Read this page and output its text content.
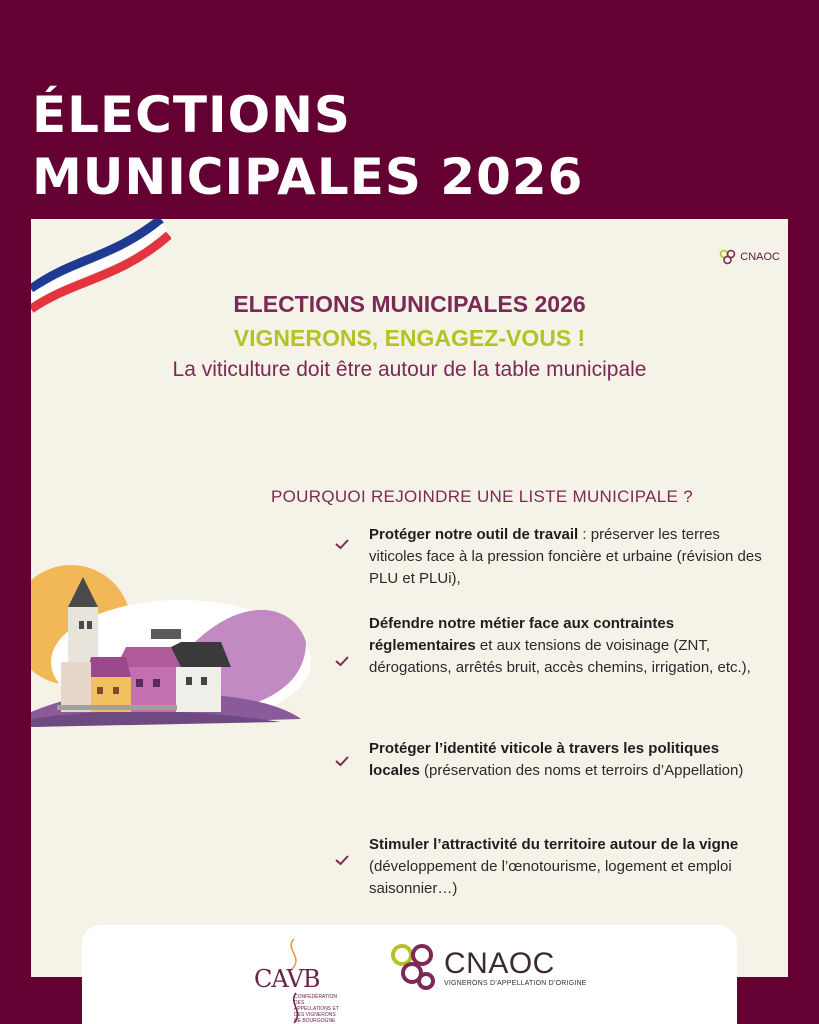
ÉLECTIONS
MUNICIPALES 2026
CNAOC
ELECTIONS MUNICIPALES 2026
VIGNERONS, ENGAGEZ-VOUS !
La viticulture doit être autour de la table municipale
POURQUOI REJOINDRE UNE LISTE MUNICIPALE ?
Protéger notre outil de travail : préserver les terres viticoles face à la pression foncière et urbaine (révision des PLU et PLUi),
Défendre notre métier face aux contraintes réglementaires et aux tensions de voisinage (ZNT, dérogations, arrêtés bruit, accès chemins, irrigation, etc.),
Protéger l’identité viticole à travers les politiques locales (préservation des noms et terroirs d’Appellation)
Stimuler l’attractivité du territoire autour de la vigne (développement de l’œnotourisme, logement et emploi saisonnier…)
CAVB
CONFÉDÉRATION DES APPELLATIONS ET DES VIGNERONS DE BOURGOGNE
CNAOC
VIGNERONS D’APPELLATION D’ORIGINE
